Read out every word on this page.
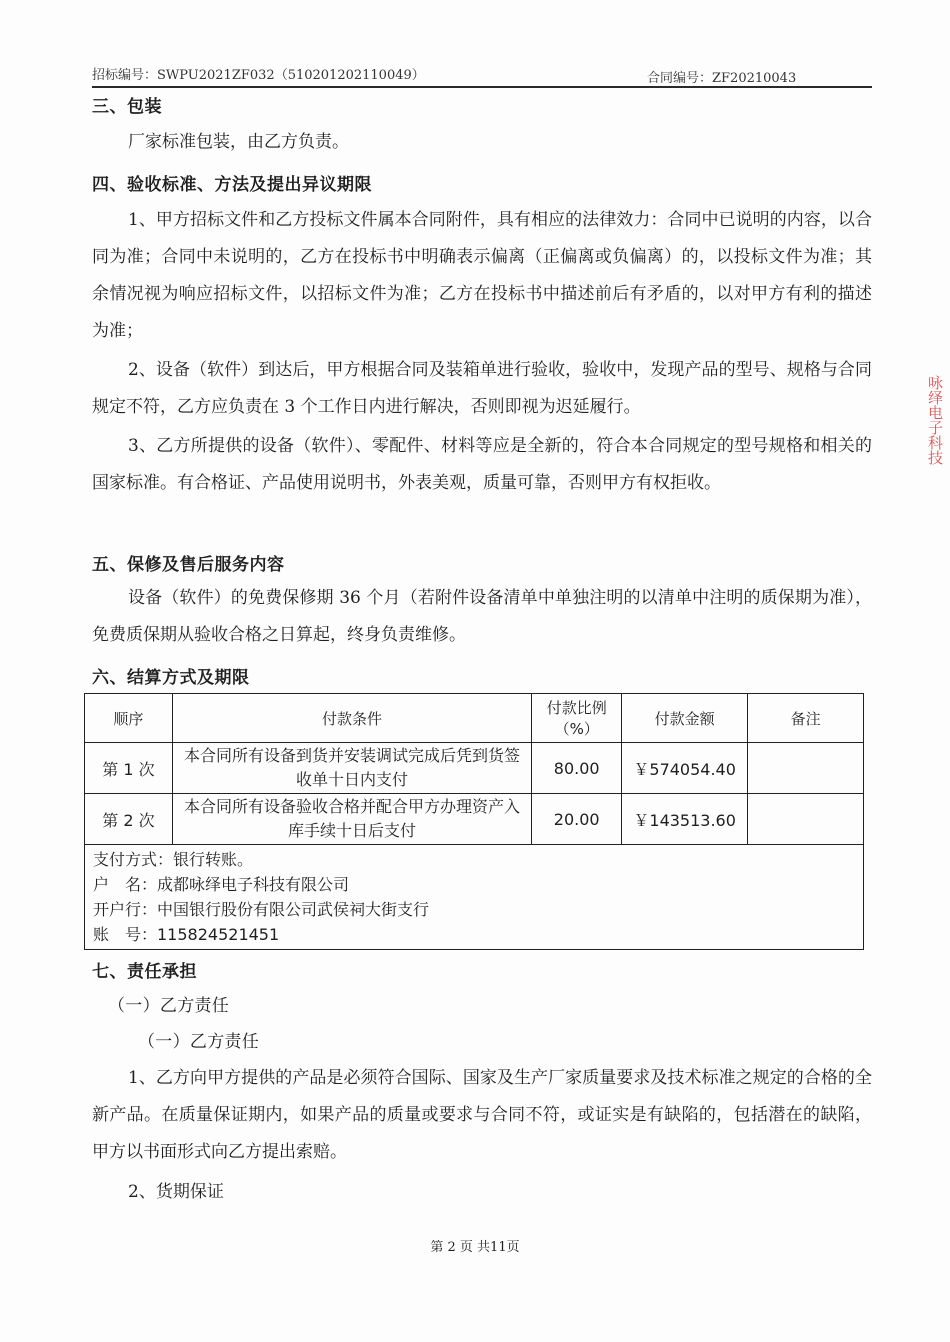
招标编号：SWPU2021ZF032（510201202110049）	合同编号：ZF20210043
三、包装
厂家标准包装，由乙方负责。
四、验收标准、方法及提出异议期限
1、甲方招标文件和乙方投标文件属本合同附件，具有相应的法律效力：合同中已说明的内容，以合同为准；合同中未说明的，乙方在投标书中明确表示偏离（正偏离或负偏离）的，以投标文件为准；其余情况视为响应招标文件，以招标文件为准；乙方在投标书中描述前后有矛盾的，以对甲方有利的描述为准；
2、设备（软件）到达后，甲方根据合同及装箱单进行验收，验收中，发现产品的型号、规格与合同规定不符，乙方应负责在 3 个工作日内进行解决，否则即视为迟延履行。
3、乙方所提供的设备（软件）、零配件、材料等应是全新的，符合本合同规定的型号规格和相关的国家标准。有合格证、产品使用说明书，外表美观，质量可靠，否则甲方有权拒收。
五、保修及售后服务内容
设备（软件）的免费保修期 36 个月（若附件设备清单中单独注明的以清单中注明的质保期为准），免费质保期从验收合格之日算起，终身负责维修。
六、结算方式及期限
顺序	付款条件	付款比例（%）	付款金额	备注
第 1 次	本合同所有设备到货并安装调试完成后凭到货签收单十日内支付	80.00	￥574054.40	
第 2 次	本合同所有设备验收合格并配合甲方办理资产入库手续十日后支付	20.00	￥143513.60	

支付方式：银行转账。
户　名：成都咏绎电子科技有限公司
开户行：中国银行股份有限公司武侯祠大街支行
账　号：115824521451				
七、责任承担
（一）乙方责任
（一）乙方责任
1、乙方向甲方提供的产品是必须符合国际、国家及生产厂家质量要求及技术标准之规定的合格的全新产品。在质量保证期内，如果产品的质量或要求与合同不符，或证实是有缺陷的，包括潜在的缺陷，甲方以书面形式向乙方提出索赔。
2、货期保证
第 2 页 共11页
咏绎电子科技
